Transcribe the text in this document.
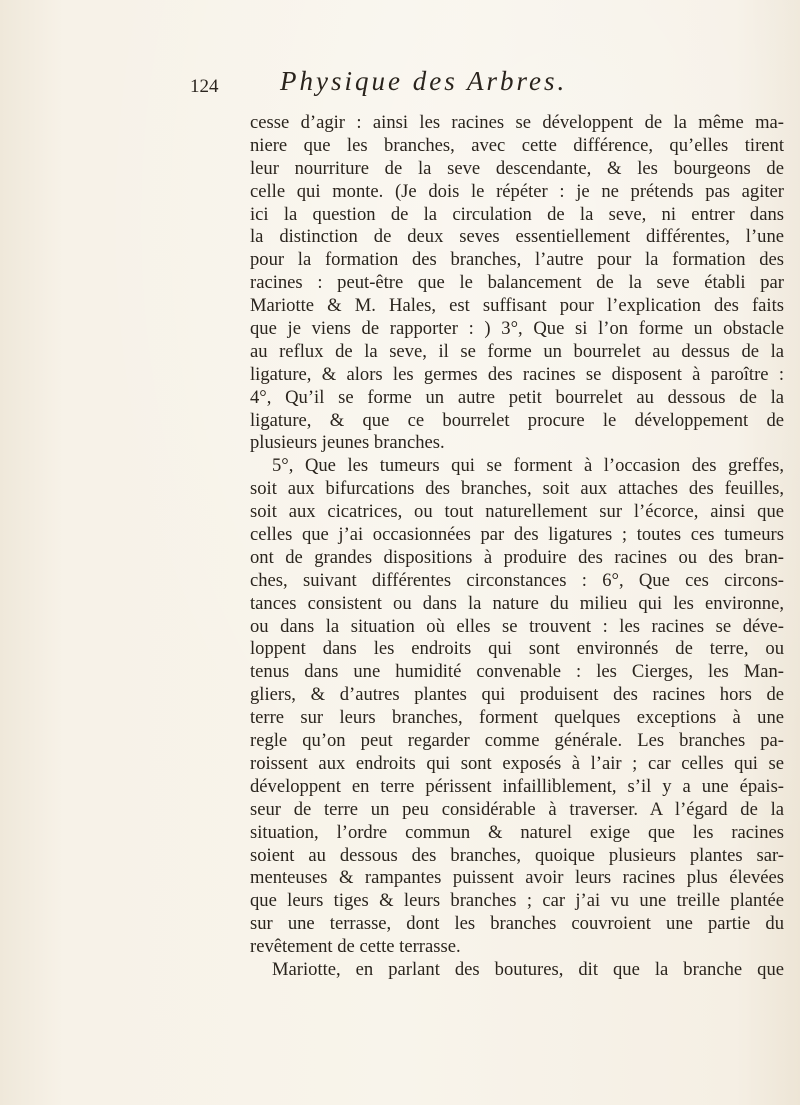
124 Physique des Arbres.
cesse d’agir : ainsi les racines se développent de la même ma-
niere que les branches, avec cette différence, qu’elles tirent
leur nourriture de la seve descendante, & les bourgeons de
celle qui monte. (Je dois le répéter : je ne prétends pas agiter
ici la question de la circulation de la seve, ni entrer dans
la distinction de deux seves essentiellement différentes, l’une
pour la formation des branches, l’autre pour la formation des
racines : peut-être que le balancement de la seve établi par
Mariotte & M. Hales, est suffisant pour l’explication des faits
que je viens de rapporter : ) 3°, Que si l’on forme un obstacle
au reflux de la seve, il se forme un bourrelet au dessus de la
ligature, & alors les germes des racines se disposent à paroître :
4°, Qu’il se forme un autre petit bourrelet au dessous de la
ligature, & que ce bourrelet procure le développement de
plusieurs jeunes branches.
5°, Que les tumeurs qui se forment à l’occasion des greffes,
soit aux bifurcations des branches, soit aux attaches des feuilles,
soit aux cicatrices, ou tout naturellement sur l’écorce, ainsi que
celles que j’ai occasionnées par des ligatures ; toutes ces tumeurs
ont de grandes dispositions à produire des racines ou des bran-
ches, suivant différentes circonstances : 6°, Que ces circons-
tances consistent ou dans la nature du milieu qui les environne,
ou dans la situation où elles se trouvent : les racines se déve-
loppent dans les endroits qui sont environnés de terre, ou
tenus dans une humidité convenable : les Cierges, les Man-
gliers, & d’autres plantes qui produisent des racines hors de
terre sur leurs branches, forment quelques exceptions à une
regle qu’on peut regarder comme générale. Les branches pa-
roissent aux endroits qui sont exposés à l’air ; car celles qui se
développent en terre périssent infailliblement, s’il y a une épais-
seur de terre un peu considérable à traverser. A l’égard de la
situation, l’ordre commun & naturel exige que les racines
soient au dessous des branches, quoique plusieurs plantes sar-
menteuses & rampantes puissent avoir leurs racines plus élevées
que leurs tiges & leurs branches ; car j’ai vu une treille plantée
sur une terrasse, dont les branches couvroient une partie du
revêtement de cette terrasse.
Mariotte, en parlant des boutures, dit que la branche que
